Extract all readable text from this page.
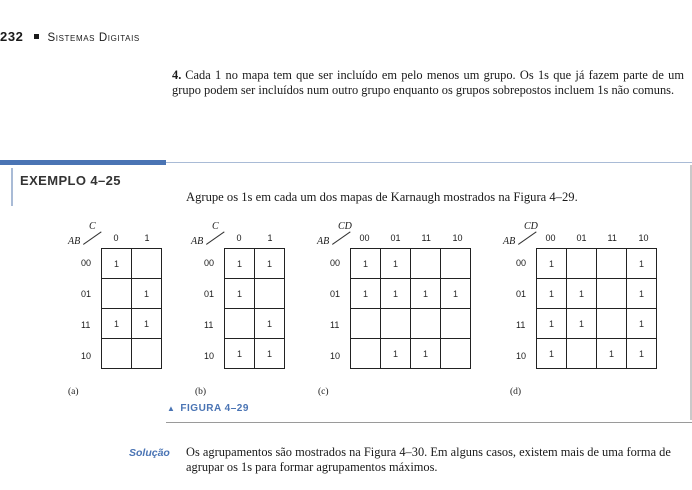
232 Sistemas Digitais
4. Cada 1 no mapa tem que ser incluído em pelo menos um grupo. Os 1s que já fazem parte de um grupo podem ser incluídos num outro grupo enquanto os grupos sobrepostos incluem 1s não comuns.
EXEMPLO 4–25
Agrupe os 1s em cada um dos mapas de Karnaugh mostrados na Figura 4–29.
1	
	1
1	1

0	1
00
01
11
10
AB
C
(a)
1	1
1	
	1
1	1
0	1
00
01
11
10
AB
C
(b)
1	1		
1	1	1	1

	1	1	
00 01 11 10
00
01
11
10
AB
CD
(c)
1			1
1	1		1
1	1		1
1		1	1
00 01 11 10
00
01
11
10
AB
CD
(d)
▲ FIGURA 4–29
Solução Os agrupamentos são mostrados na Figura 4–30. Em alguns casos, existem mais de uma forma de agrupar os 1s para formar agrupamentos máximos.
